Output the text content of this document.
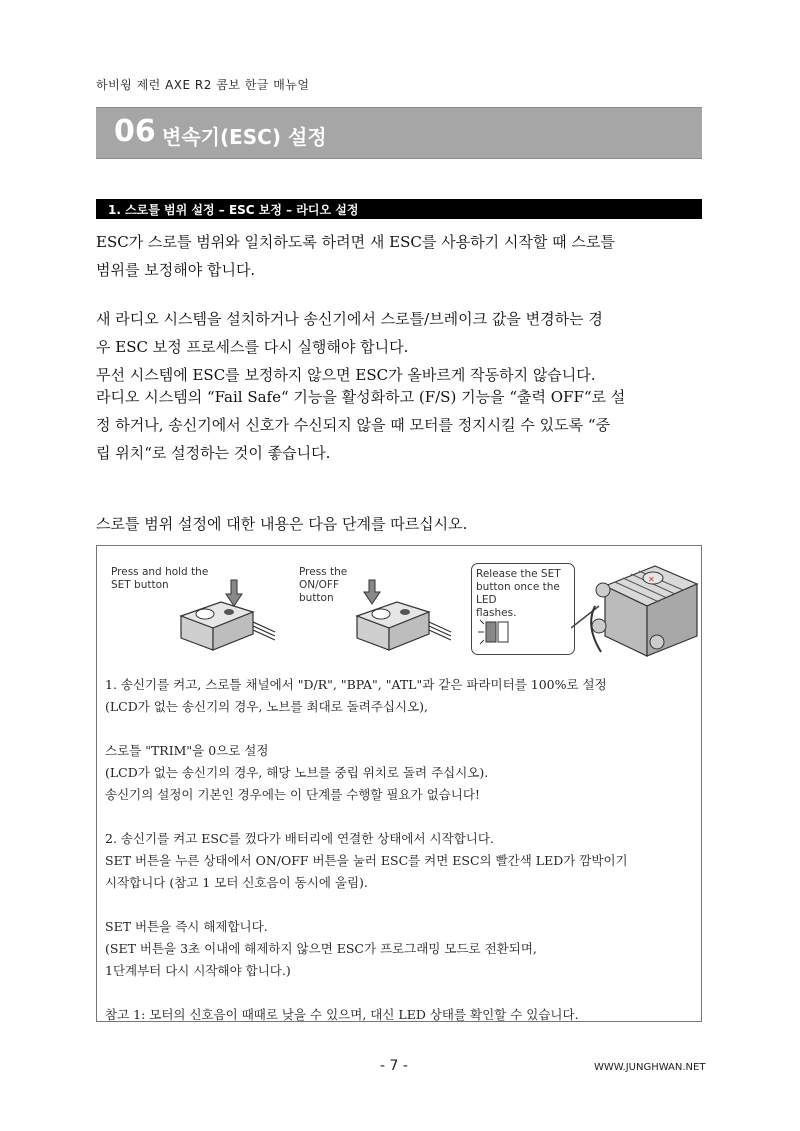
하비윙 제런 AXE R2 콤보 한글 매뉴얼
06 변속기(ESC) 설정
1. 스로틀 범위 설정 – ESC 보정 – 라디오 설정
ESC가 스로틀 범위와 일치하도록 하려면 새 ESC를 사용하기 시작할 때 스로틀
범위를 보정해야 합니다.
새 라디오 시스템을 설치하거나 송신기에서 스로틀/브레이크 값을 변경하는 경
우 ESC 보정 프로세스를 다시 실행해야 합니다.
무선 시스템에 ESC를 보정하지 않으면 ESC가 올바르게 작동하지 않습니다.
라디오 시스템의 “Fail Safe“ 기능을 활성화하고 (F/S) 기능을 “출력 OFF“로 설
정 하거나, 송신기에서 신호가 수신되지 않을 때 모터를 정지시킬 수 있도록 “중
립 위치“로 설정하는 것이 좋습니다.
스로틀 범위 설정에 대한 내용은 다음 단계를 따르십시오.
Press and hold the
SET button
Press the
ON/OFF
button
Release the SET
button once the LED
flashes.
✕
1. 송신기를 켜고, 스로틀 채널에서 "D/R", "BPA", "ATL"과 같은 파라미터를 100%로 설정
(LCD가 없는 송신기의 경우, 노브를 최대로 돌려주십시오),
스로틀 "TRIM"을 0으로 설정
(LCD가 없는 송신기의 경우, 해당 노브를 중립 위치로 돌려 주십시오).
송신기의 설정이 기본인 경우에는 이 단계를 수행할 필요가 없습니다!
2. 송신기를 켜고 ESC를 껐다가 배터리에 연결한 상태에서 시작합니다.
SET 버튼을 누른 상태에서 ON/OFF 버튼을 눌러 ESC를 켜면 ESC의 빨간색 LED가 깜박이기
시작합니다 (참고 1 모터 신호음이 동시에 울림).
SET 버튼을 즉시 해제합니다.
(SET 버튼을 3초 이내에 해제하지 않으면 ESC가 프로그래밍 모드로 전환되며,
1단계부터 다시 시작해야 합니다.)
참고 1: 모터의 신호음이 때때로 낮을 수 있으며, 대신 LED 상태를 확인할 수 있습니다.
- 7 -	WWW.JUNGHWAN.NET
